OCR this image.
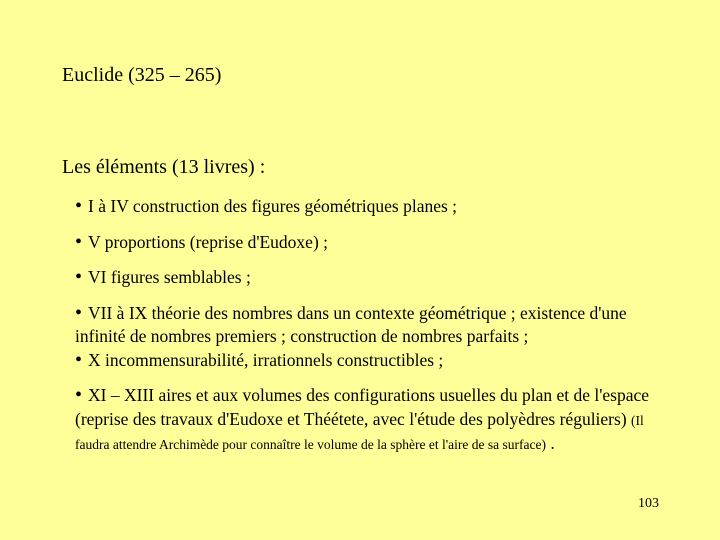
Euclide (325 – 265)
Les éléments (13 livres) :
• I à IV construction des figures géométriques planes ;
• V proportions (reprise d'Eudoxe) ;
• VI figures semblables ;
• VII à IX théorie des nombres dans un contexte géométrique ; existence d'une infinité de nombres premiers ; construction de nombres parfaits ;
• X incommensurabilité, irrationnels constructibles ;
• XI – XIII aires et aux volumes des configurations usuelles du plan et de l'espace (reprise des travaux d'Eudoxe et Théétete, avec l'étude des polyèdres réguliers) (Il faudra attendre Archimède pour connaître le volume de la sphère et l'aire de sa surface) .
103
